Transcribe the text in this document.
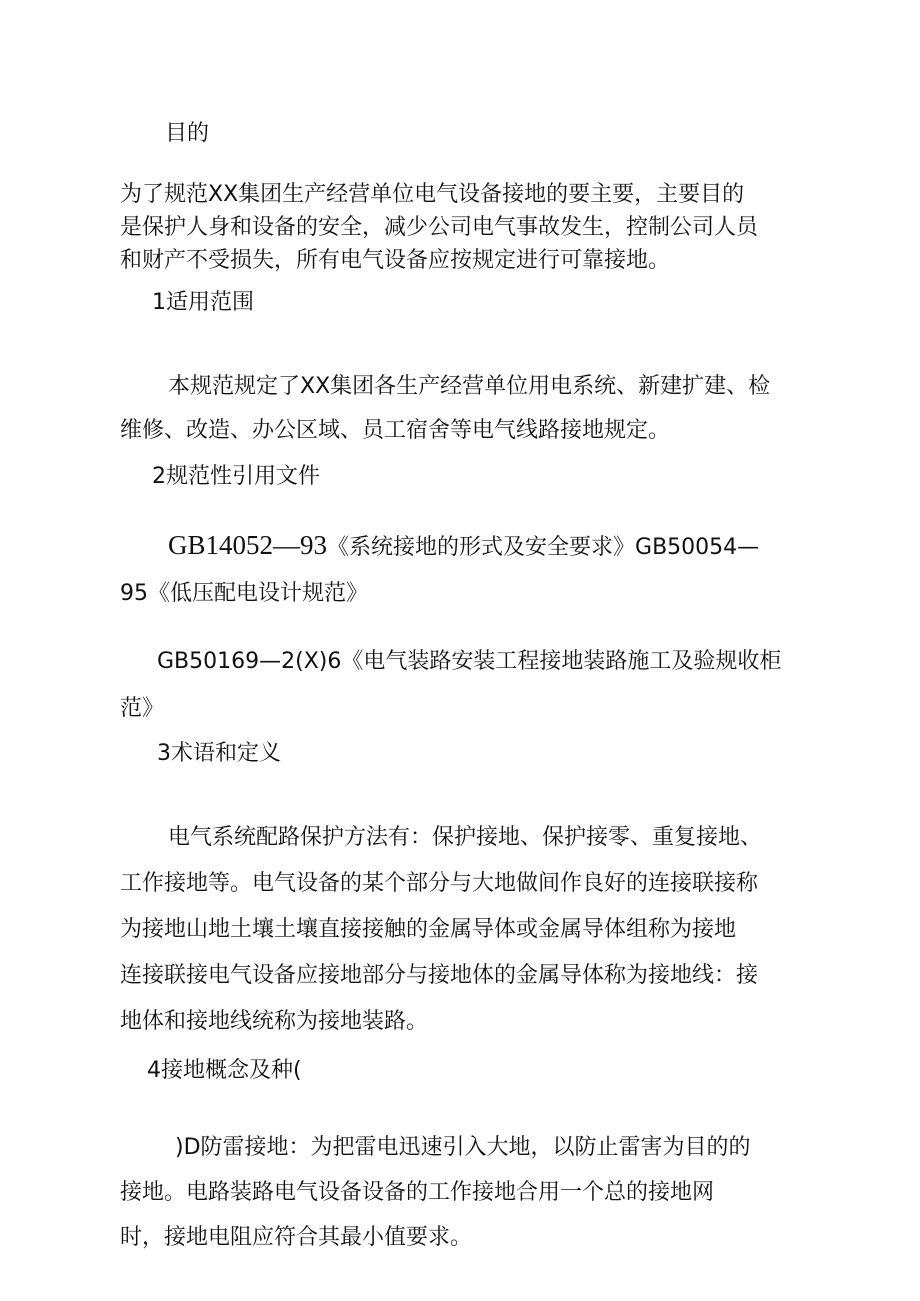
目的

为了规范XX集团生产经营单位电气设备接地的要主要，主要目的
是保护人身和设备的安全，减少公司电气事故发生，控制公司人员
和财产不受损失，所有电气设备应按规定进行可靠接地。

1适用范围

本规范规定了XX集团各生产经营单位用电系统、新建扩建、检
维修、改造、办公区域、员工宿舍等电气线路接地规定。

2规范性引用文件

GB14052—93《系统接地的形式及安全要求》GB50054—
95《低压配电设计规范》
GB50169—2(X)6《电气装路安装工程接地装路施工及验规收柜
范》

3术语和定义

电气系统配路保护方法有：保护接地、保护接零、重复接地、
工作接地等。电气设备的某个部分与大地做间作良好的连接联接称
为接地山地土壤土壤直接接触的金属导体或金属导体组称为接地
连接联接电气设备应接地部分与接地体的金属导体称为接地线：接
地体和接地线统称为接地装路。

4接地概念及种(

)D防雷接地：为把雷电迅速引入大地，以防止雷害为目的的
接地。电路装路电气设备设备的工作接地合用一个总的接地网
时，接地电阻应符合其最小值要求。
